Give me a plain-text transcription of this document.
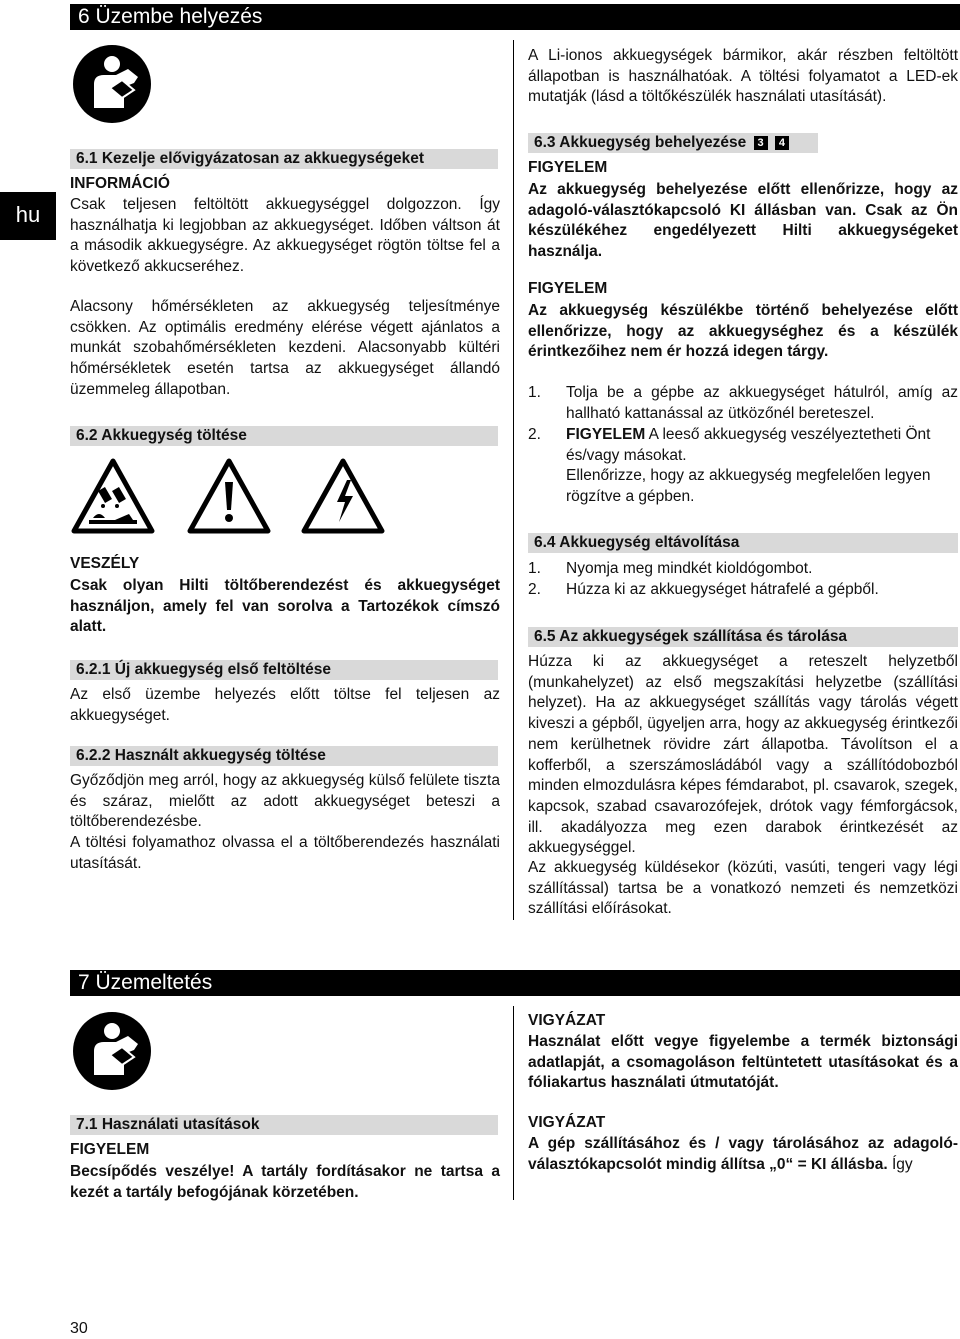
6 Üzembe helyezés
hu
A Li-ionos akkuegységek bármikor, akár részben feltöltött állapotban is használhatóak. A töltési folyamatot a LED-ek mutatják (lásd a töltőkészülék használati utasítását).
6.1 Kezelje elővigyázatosan az akkuegységeket
INFORMÁCIÓ
Csak teljesen feltöltött akkuegységgel dolgozzon. Így használhatja ki legjobban az akkuegységet. Időben váltson át a második akkuegységre. Az akkuegységet rögtön töltse fel a következő akkucseréhez.
Alacsony hőmérsékleten az akkuegység teljesítménye csökken. Az optimális eredmény elérése végett ajánlatos a munkát szobahőmérsékleten kezdeni. Alacsonyabb kültéri hőmérsékletek esetén tartsa az akkuegységet állandó üzemmeleg állapotban.
6.2 Akkuegység töltése
VESZÉLY
Csak olyan Hilti töltőberendezést és akkuegységet használjon, amely fel van sorolva a Tartozékok címszó alatt.
6.2.1 Új akkuegység első feltöltése
Az első üzembe helyezés előtt töltse fel teljesen az akkuegységet.
6.2.2 Használt akkuegység töltése
Győződjön meg arról, hogy az akkuegység külső felülete tiszta és száraz, mielőtt az adott akkuegységet beteszi a töltőberendezésbe.
A töltési folyamathoz olvassa el a töltőberendezés használati utasítását.
6.3 Akkuegység behelyezése 3 4
FIGYELEM
Az akkuegység behelyezése előtt ellenőrizze, hogy az adagoló-választókapcsoló KI állásban van. Csak az Ön készülékéhez engedélyezett Hilti akkuegységeket használja.
FIGYELEM
Az akkuegység készülékbe történő behelyezése előtt ellenőrizze, hogy az akkuegységhez és a készülék érintkezőihez nem ér hozzá idegen tárgy.
1. Tolja be a gépbe az akkuegységet hátulról, amíg az hallható kattanással az ütközőnél bereteszel.
2. FIGYELEM A leeső akkuegység veszélyeztetheti Önt és/vagy másokat.
Ellenőrizze, hogy az akkuegység megfelelően legyen rögzítve a gépben.
6.4 Akkuegység eltávolítása
1. Nyomja meg mindkét kioldógombot.
2. Húzza ki az akkuegységet hátrafelé a gépből.
6.5 Az akkuegységek szállítása és tárolása
Húzza ki az akkuegységet a reteszelt helyzetből (munkahelyzet) az első megszakítási helyzetbe (szállítási helyzet). Ha az akkuegységet szállítás vagy tárolás végett kiveszi a gépből, ügyeljen arra, hogy az akkuegység érintkezői nem kerülhetnek rövidre zárt állapotba. Távolítson el a kofferből, a szerszámosládából vagy a szállítódobozból minden elmozdulásra képes fémdarabot, pl. csavarok, szegek, kapcsok, szabad csavarozófejek, drótok vagy fémforgácsok, ill. akadályozza meg ezen darabok érintkezését az akkuegységgel.
Az akkuegység küldésekor (közúti, vasúti, tengeri vagy légi szállítással) tartsa be a vonatkozó nemzeti és nemzetközi szállítási előírásokat.
7 Üzemeltetés
7.1 Használati utasítások
FIGYELEM
Becsípődés veszélye! A tartály fordításakor ne tartsa a kezét a tartály befogójának körzetében.
VIGYÁZAT
Használat előtt vegye figyelembe a termék biztonsági adatlapját, a csomagoláson feltüntetett utasításokat és a fóliakartus használati útmutatóját.
VIGYÁZAT
A gép szállításához és / vagy tárolásához az adagoló-választókapcsolót mindig állítsa „0“ = KI állásba. Így
30
